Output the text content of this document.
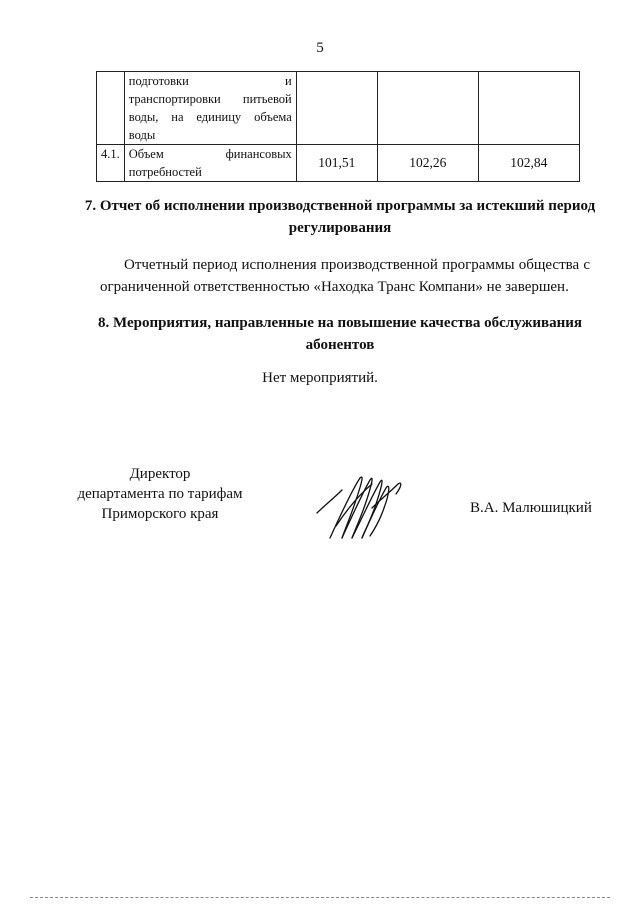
5

	подготовки и
транспортировки питьевой
воды, на единицу объема
воды			
4.1.	Объем финансовых
потребностей	101,51	102,26	102,84
7. Отчет об исполнении производственной программы за истекший период
регулирования

Отчетный период исполнения производственной программы общества с ограниченной ответственностью «Находка Транс Компани» не завершен.

8. Мероприятия, направленные на повышение качества обслуживания
абонентов

Нет мероприятий.

Директор
департамента по тарифам
Приморского края	В.А. Малюшицкий
